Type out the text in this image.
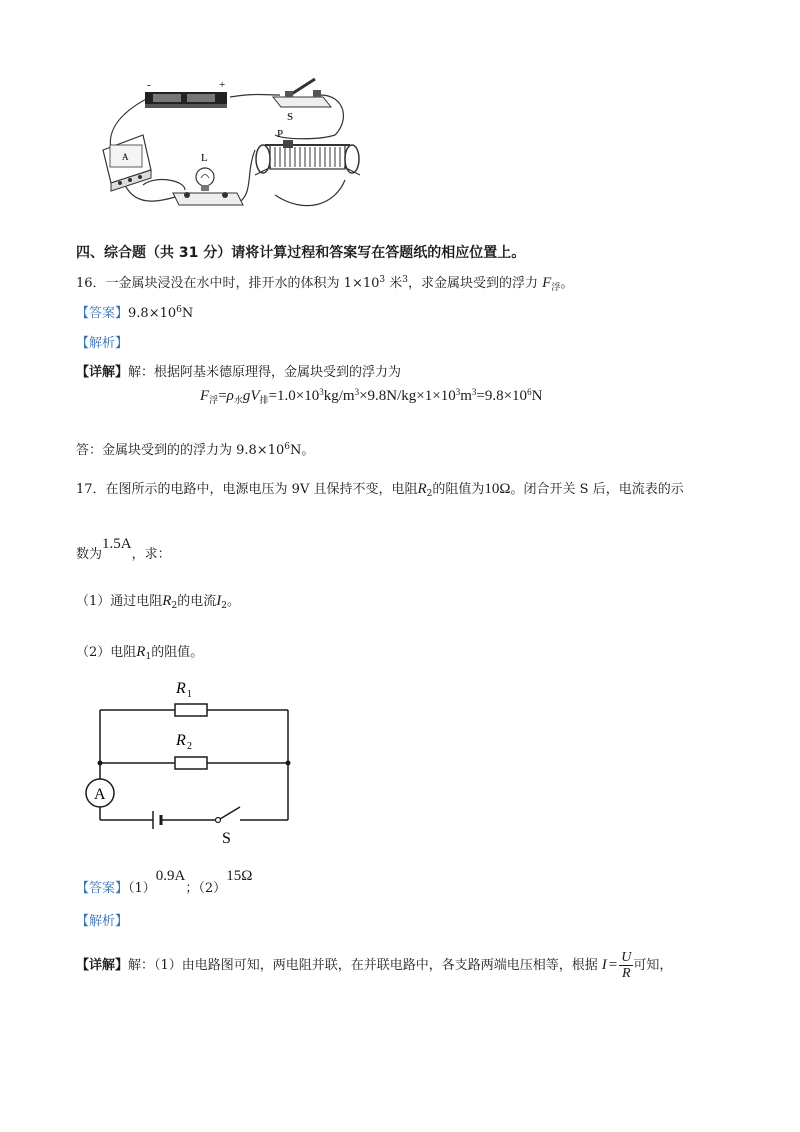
-	+
S
P
A	L
四、综合题（共 31 分）请将计算过程和答案写在答题纸的相应位置上。
16．一金属块浸没在水中时，排开水的体积为 $1\times 10^3$ 米$^3$，求金属块受到的浮力 $F_浮$。
【答案】$9.8\times 10^6N$
【解析】
【详解】解：根据阿基米德原理得，金属块受到的浮力为
$F_浮=\rho_水gV_排=1.0\times 10^3kg/m^3\times 9.8N/kg\times 1\times 10^3m^3=9.8\times 10^6N$
答：金属块受到的的浮力为 $9.8\times 10^6N$。
17．在图所示的电路中，电源电压为 9V 且保持不变，电阻$R_2$的阻值为10Ω。闭合开关 S 后，电流表的示
数为1.5A，求：
（1）通过电阻$R_2$的电流$I_2$。
（2）电阻$R_1$的阻值。
A
S
R 1
R 2
【答案】（1）0.9A；（2）15Ω
【解析】
【详解】解：（1）由电路图可知，两电阻并联，在并联电路中，各支路两端电压相等，根据 $I = \frac{U}{R}$ 可知，
